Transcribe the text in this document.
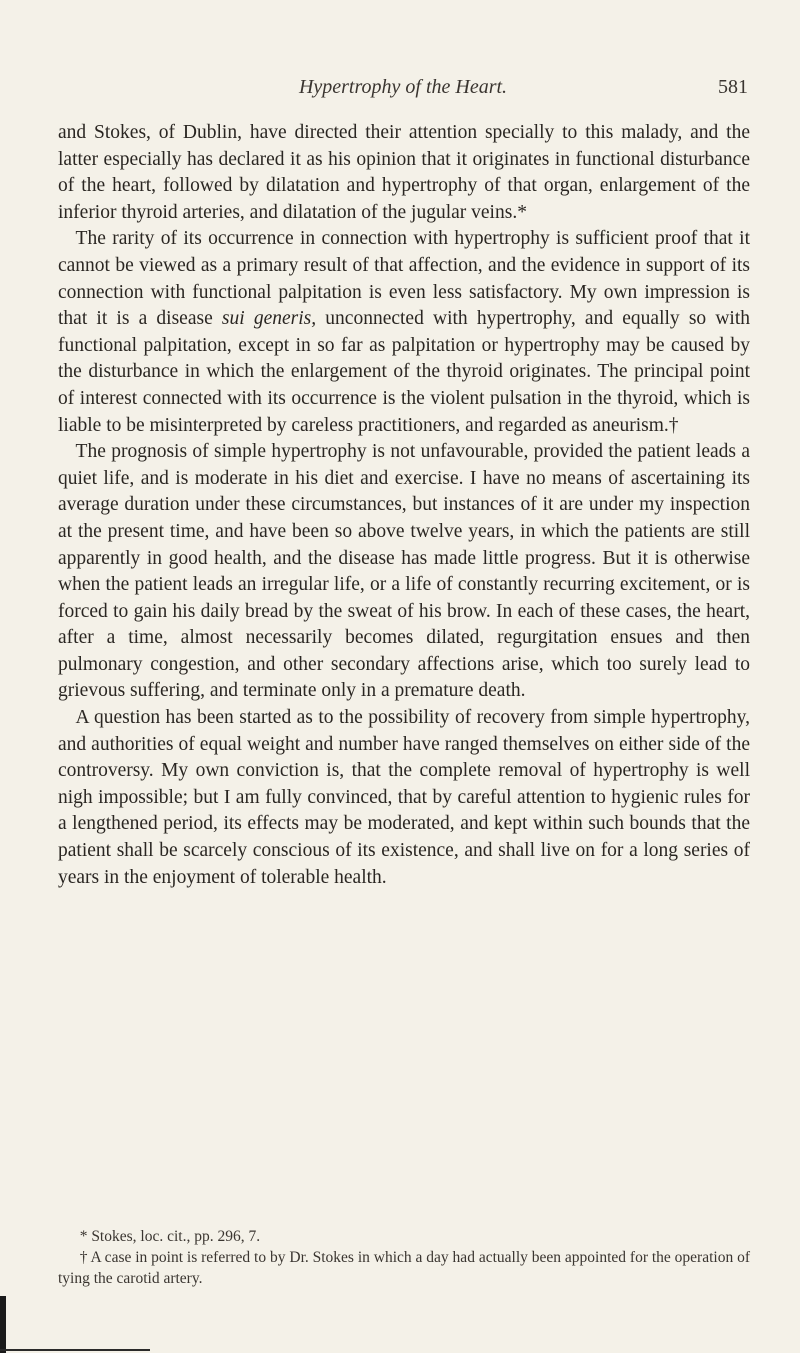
Hypertrophy of the Heart.	581

and Stokes, of Dublin, have directed their attention specially to this malady, and the latter especially has declared it as his opinion that it originates in functional disturbance of the heart, followed by dilatation and hypertrophy of that organ, enlargement of the inferior thyroid arteries, and dilatation of the jugular veins.*

The rarity of its occurrence in connection with hypertrophy is sufficient proof that it cannot be viewed as a primary result of that affection, and the evidence in support of its connection with functional palpitation is even less satisfactory. My own impression is that it is a disease sui generis, unconnected with hypertrophy, and equally so with functional palpitation, except in so far as palpitation or hypertrophy may be caused by the disturbance in which the enlargement of the thyroid originates. The principal point of interest connected with its occurrence is the violent pulsation in the thyroid, which is liable to be misinterpreted by careless practitioners, and regarded as aneurism.†

The prognosis of simple hypertrophy is not unfavourable, provided the patient leads a quiet life, and is moderate in his diet and exercise. I have no means of ascertaining its average duration under these circumstances, but instances of it are under my inspection at the present time, and have been so above twelve years, in which the patients are still apparently in good health, and the disease has made little progress. But it is otherwise when the patient leads an irregular life, or a life of constantly recurring excitement, or is forced to gain his daily bread by the sweat of his brow. In each of these cases, the heart, after a time, almost necessarily becomes dilated, regurgitation ensues and then pulmonary congestion, and other secondary affections arise, which too surely lead to grievous suffering, and terminate only in a premature death.

A question has been started as to the possibility of recovery from simple hypertrophy, and authorities of equal weight and number have ranged themselves on either side of the controversy. My own conviction is, that the complete removal of hypertrophy is well nigh impossible; but I am fully convinced, that by careful attention to hygienic rules for a lengthened period, its effects may be moderated, and kept within such bounds that the patient shall be scarcely conscious of its existence, and shall live on for a long series of years in the enjoyment of tolerable health.

* Stokes, loc. cit., pp. 296, 7.

† A case in point is referred to by Dr. Stokes in which a day had actually been appointed for the operation of tying the carotid artery.
